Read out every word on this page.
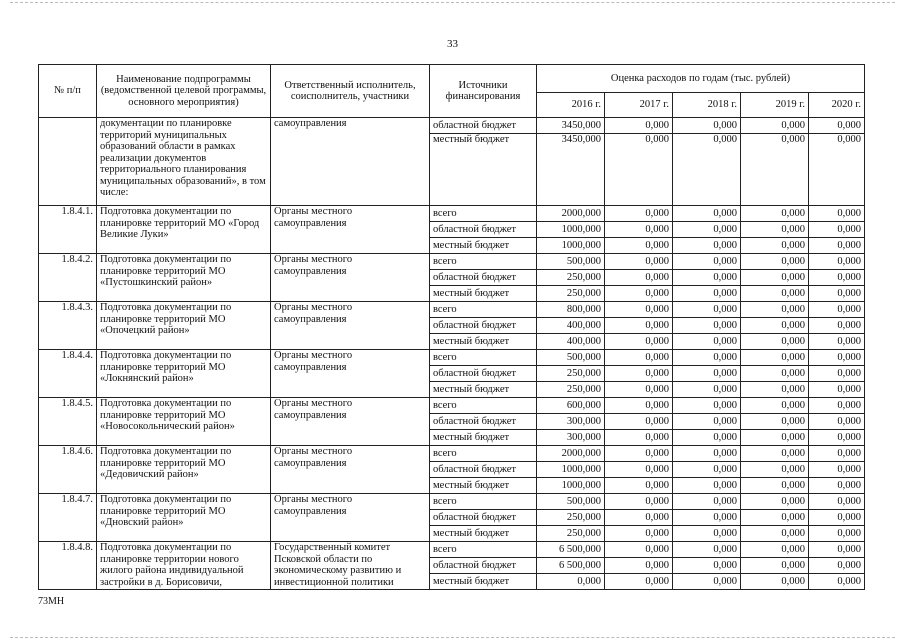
33
№ п/п	Наименование подпрограммы (ведомственной целевой программы, основного мероприятия)	Ответственный исполнитель, соисполнитель, участники	Источники финансирования	Оценка расходов по годам (тыс. рублей)				
				2016 г.	2017 г.	2018 г.	2019 г.	2020 г.
	документации по планировке территорий муниципальных образований области в рамках реализации документов территориального планирования муниципальных образований», в том числе:	самоуправления	областной бюджет	3450,000	0,000	0,000	0,000	0,000
			местный бюджет	3450,000	0,000	0,000	0,000	0,000
1.8.4.1.	Подготовка документации по планировке территорий МО «Город Великие Луки»	Органы местного самоуправления	всего	2000,000	0,000	0,000	0,000	0,000
			областной бюджет	1000,000	0,000	0,000	0,000	0,000
			местный бюджет	1000,000	0,000	0,000	0,000	0,000
1.8.4.2.	Подготовка документации по планировке территорий МО «Пустошкинский район»	Органы местного самоуправления	всего	500,000	0,000	0,000	0,000	0,000
			областной бюджет	250,000	0,000	0,000	0,000	0,000
			местный бюджет	250,000	0,000	0,000	0,000	0,000
1.8.4.3.	Подготовка документации по планировке территорий МО «Опочецкий район»	Органы местного самоуправления	всего	800,000	0,000	0,000	0,000	0,000
			областной бюджет	400,000	0,000	0,000	0,000	0,000
			местный бюджет	400,000	0,000	0,000	0,000	0,000
1.8.4.4.	Подготовка документации по планировке территорий МО «Локнянский район»	Органы местного самоуправления	всего	500,000	0,000	0,000	0,000	0,000
			областной бюджет	250,000	0,000	0,000	0,000	0,000
			местный бюджет	250,000	0,000	0,000	0,000	0,000
1.8.4.5.	Подготовка документации по планировке территорий МО «Новосокольнический район»	Органы местного самоуправления	всего	600,000	0,000	0,000	0,000	0,000
			областной бюджет	300,000	0,000	0,000	0,000	0,000
			местный бюджет	300,000	0,000	0,000	0,000	0,000
1.8.4.6.	Подготовка документации по планировке территорий МО «Дедовичский район»	Органы местного самоуправления	всего	2000,000	0,000	0,000	0,000	0,000
			областной бюджет	1000,000	0,000	0,000	0,000	0,000
			местный бюджет	1000,000	0,000	0,000	0,000	0,000
1.8.4.7.	Подготовка документации по планировке территорий МО «Дновский район»	Органы местного самоуправления	всего	500,000	0,000	0,000	0,000	0,000
			областной бюджет	250,000	0,000	0,000	0,000	0,000
			местный бюджет	250,000	0,000	0,000	0,000	0,000
1.8.4.8.	Подготовка документации по планировке территории нового жилого района индивидуальной застройки в д. Борисовичи,	Государственный комитет Псковской области по экономическому развитию и инвестиционной политики	всего	6 500,000	0,000	0,000	0,000	0,000
			областной бюджет	6 500,000	0,000	0,000	0,000	0,000
			местный бюджет	0,000	0,000	0,000	0,000	0,000
73МН
